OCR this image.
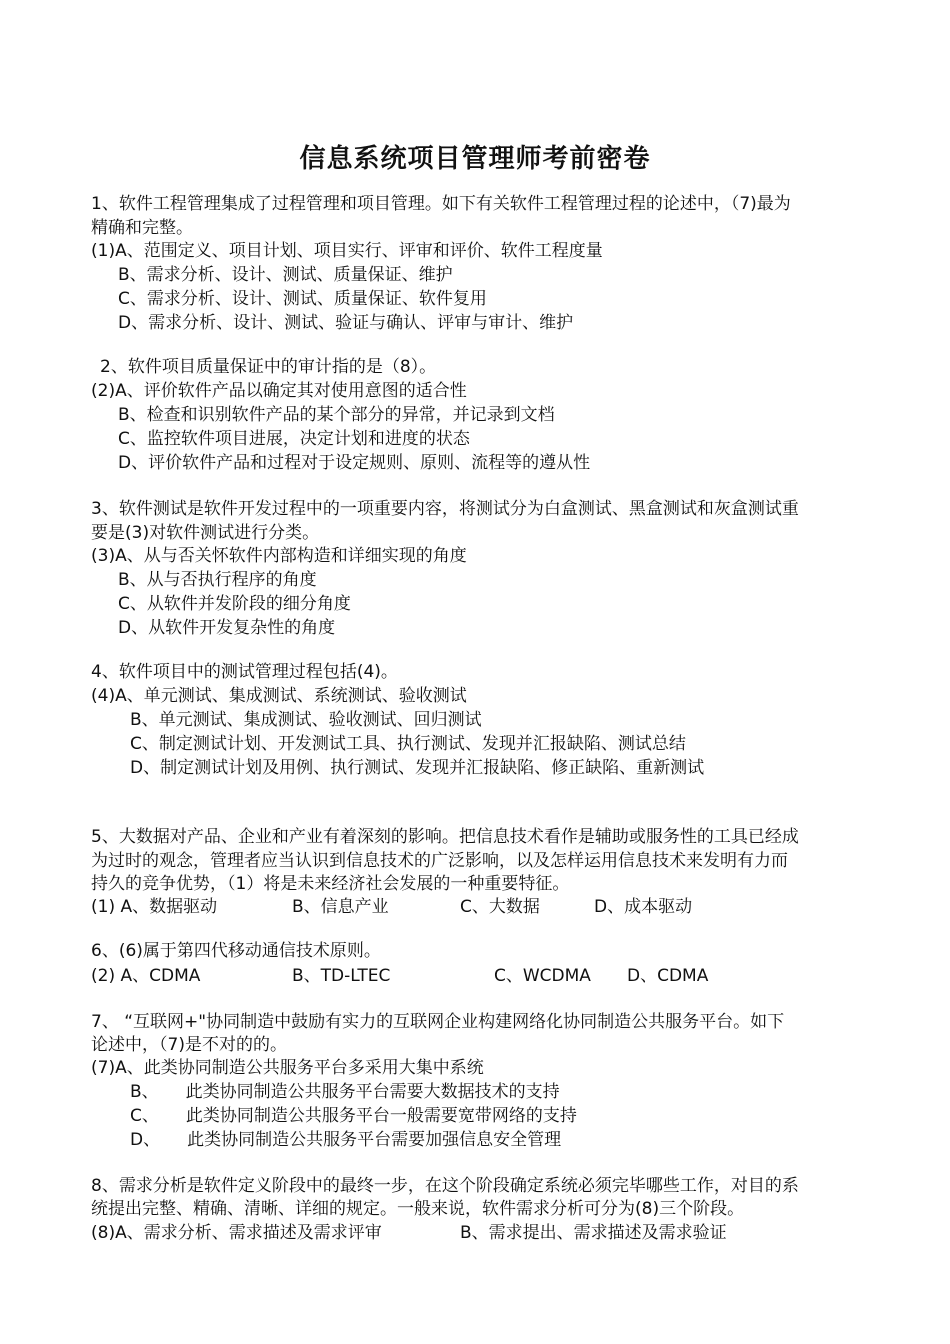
信息系统项目管理师考前密卷
1、软件工程管理集成了过程管理和项目管理。如下有关软件工程管理过程的论述中，（7)最为
精确和完整。
(1)A、范围定义、项目计划、项目实行、评审和评价、软件工程度量
B、需求分析、设计、测试、质量保证、维护
C、需求分析、设计、测试、质量保证、软件复用
D、需求分析、设计、测试、验证与确认、评审与审计、维护
2、软件项目质量保证中的审计指的是（8）。
(2)A、评价软件产品以确定其对使用意图的适合性
B、检查和识别软件产品的某个部分的异常，并记录到文档
C、监控软件项目进展，决定计划和进度的状态
D、评价软件产品和过程对于设定规则、原则、流程等的遵从性
3、软件测试是软件开发过程中的一项重要内容，将测试分为白盒测试、黑盒测试和灰盒测试重
要是(3)对软件测试进行分类。
(3)A、从与否关怀软件内部构造和详细实现的角度
B、从与否执行程序的角度
C、从软件并发阶段的细分角度
D、从软件开发复杂性的角度
4、软件项目中的测试管理过程包括(4)。
(4)A、单元测试、集成测试、系统测试、验收测试
B、单元测试、集成测试、验收测试、回归测试
C、制定测试计划、开发测试工具、执行测试、发现并汇报缺陷、测试总结
D、制定测试计划及用例、执行测试、发现并汇报缺陷、修正缺陷、重新测试
5、大数据对产品、企业和产业有着深刻的影响。把信息技术看作是辅助或服务性的工具已经成
为过时的观念，管理者应当认识到信息技术的广泛影响，以及怎样运用信息技术来发明有力而
持久的竞争优势，（1）将是未来经济社会发展的一种重要特征。
(1) A、数据驱动	B、信息产业	C、大数据	D、成本驱动
6、(6)属于第四代移动通信技术原则。
(2) A、CDMA	B、TD-LTEC	C、WCDMA D、CDMA
7、 “互联网+"协同制造中鼓励有实力的互联网企业构建网络化协同制造公共服务平台。如下
论述中，（7)是不对的的。
(7)A、此类协同制造公共服务平台多采用大集中系统
B、     此类协同制造公共服务平台需要大数据技术的支持
C、     此类协同制造公共服务平台一般需要宽带网络的支持
D、     此类协同制造公共服务平台需要加强信息安全管理
8、需求分析是软件定义阶段中的最终一步，在这个阶段确定系统必须完毕哪些工作，对目的系
统提出完整、精确、清晰、详细的规定。一般来说，软件需求分析可分为(8)三个阶段。
(8)A、需求分析、需求描述及需求评审	B、需求提出、需求描述及需求验证
